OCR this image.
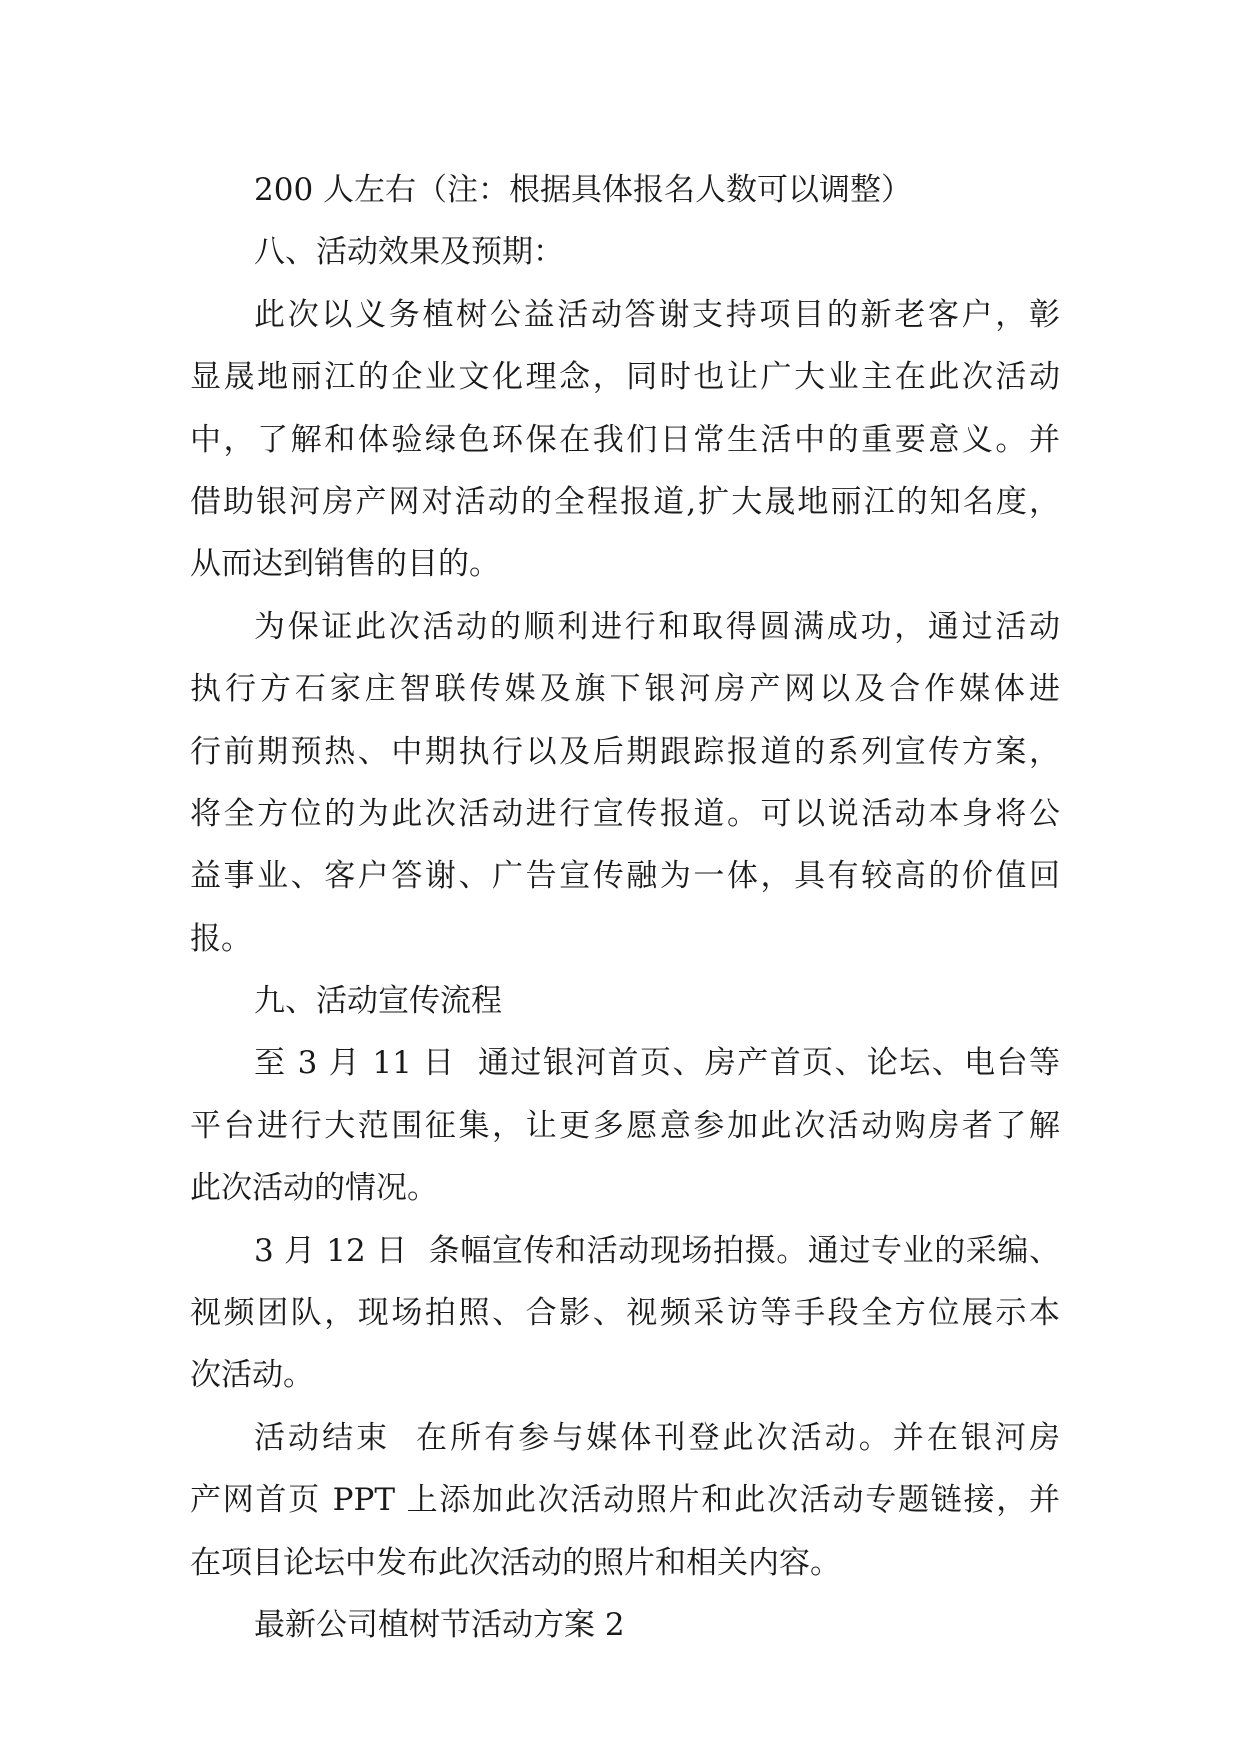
200 人左右（注：根据具体报名人数可以调整）
八、活动效果及预期：
此次以义务植树公益活动答谢支持项目的新老客户，彰
显晟地丽江的企业文化理念，同时也让广大业主在此次活动
中，了解和体验绿色环保在我们日常生活中的重要意义。并
借助银河房产网对活动的全程报道,扩大晟地丽江的知名度，
从而达到销售的目的。
为保证此次活动的顺利进行和取得圆满成功，通过活动
执行方石家庄智联传媒及旗下银河房产网以及合作媒体进
行前期预热、中期执行以及后期跟踪报道的系列宣传方案，
将全方位的为此次活动进行宣传报道。可以说活动本身将公
益事业、客户答谢、广告宣传融为一体，具有较高的价值回
报。
九、活动宣传流程
至 3 月 11 日  通过银河首页、房产首页、论坛、电台等
平台进行大范围征集，让更多愿意参加此次活动购房者了解
此次活动的情况。
3 月 12 日  条幅宣传和活动现场拍摄。通过专业的采编、
视频团队，现场拍照、合影、视频采访等手段全方位展示本
次活动。
活动结束  在所有参与媒体刊登此次活动。并在银河房
产网首页 PPT 上添加此次活动照片和此次活动专题链接，并
在项目论坛中发布此次活动的照片和相关内容。
最新公司植树节活动方案 2
